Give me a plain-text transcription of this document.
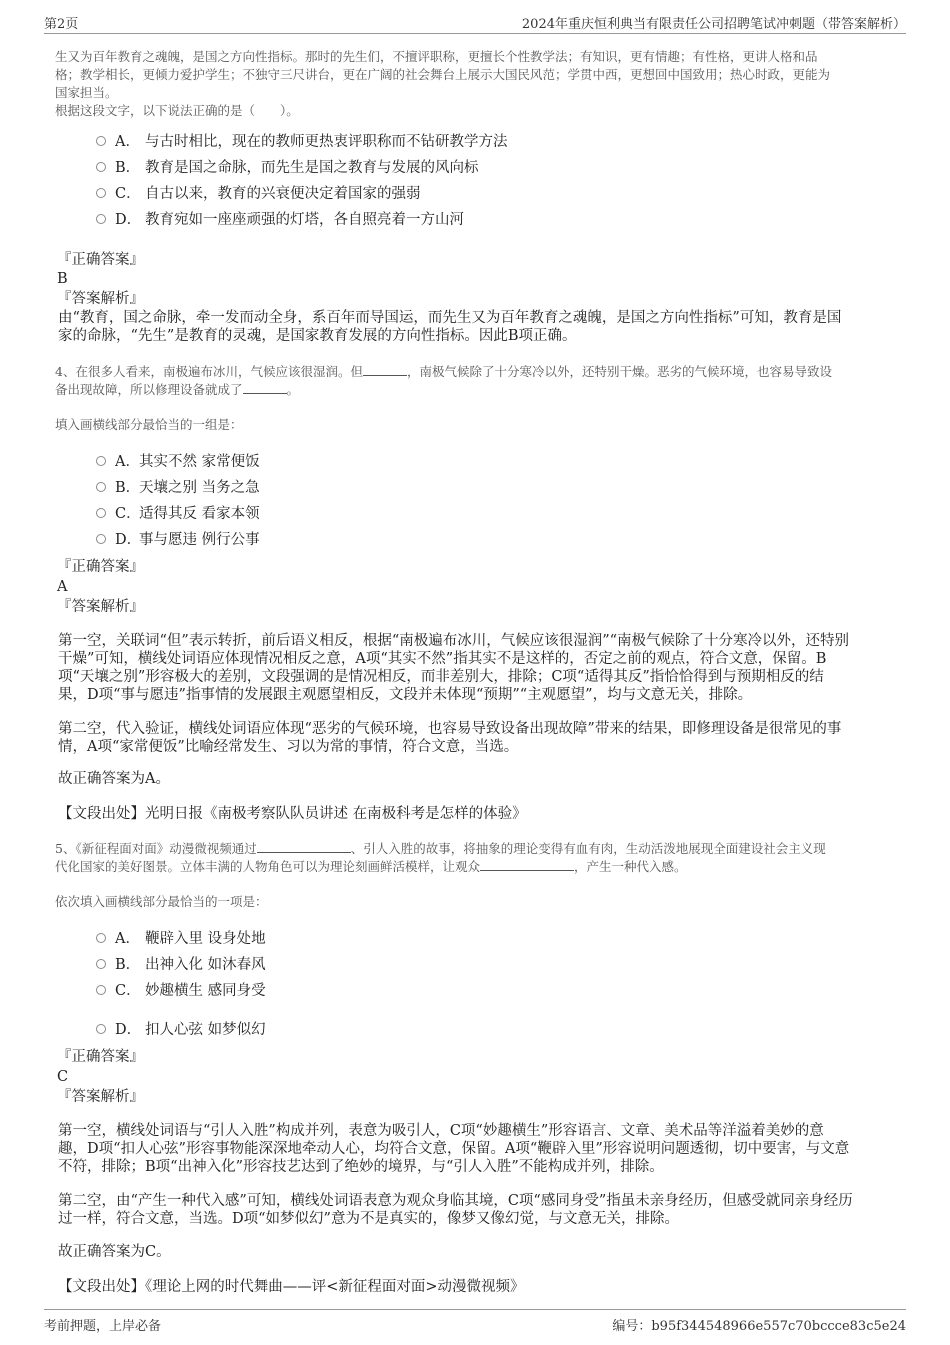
第2页	2024年重庆恒利典当有限责任公司招聘笔试冲刺题（带答案解析）
生又为百年教育之魂魄，是国之方向性指标。那时的先生们，不擅评职称，更擅长个性教学法；有知识，更有情趣；有性格，更讲人格和品
格；教学相长，更倾力爱护学生；不独守三尺讲台，更在广阔的社会舞台上展示大国民风范；学贯中西，更想回中国致用；热心时政，更能为
国家担当。
根据这段文字，以下说法正确的是（　　）。
A． 与古时相比，现在的教师更热衷评职称而不钻研教学方法
B． 教育是国之命脉，而先生是国之教育与发展的风向标
C． 自古以来，教育的兴衰便决定着国家的强弱
D． 教育宛如一座座顽强的灯塔，各自照亮着一方山河
『正确答案』
B
『答案解析』
由“教育，国之命脉，牵一发而动全身，系百年而导国运，而先生又为百年教育之魂魄，是国之方向性指标”可知，教育是国
家的命脉，“先生”是教育的灵魂，是国家教育发展的方向性指标。因此B项正确。
4、在很多人看来，南极遍布冰川，气候应该很湿润。但	，南极气候除了十分寒冷以外，还特别干燥。恶劣的气候环境，也容易导致设
备出现故障，所以修理设备就成了	。
填入画横线部分最恰当的一组是：
A．其实不然 家常便饭
B．天壤之别 当务之急
C．适得其反 看家本领
D．事与愿违 例行公事
『正确答案』
A
『答案解析』
第一空，关联词“但”表示转折，前后语义相反，根据“南极遍布冰川，气候应该很湿润”“南极气候除了十分寒冷以外，还特别
干燥”可知，横线处词语应体现情况相反之意，A项“其实不然”指其实不是这样的，否定之前的观点，符合文意，保留。B
项“天壤之别”形容极大的差别，文段强调的是情况相反，而非差别大，排除；C项“适得其反”指恰恰得到与预期相反的结
果，D项“事与愿违”指事情的发展跟主观愿望相反，文段并未体现“预期”“主观愿望”，均与文意无关，排除。
第二空，代入验证，横线处词语应体现“恶劣的气候环境，也容易导致设备出现故障”带来的结果，即修理设备是很常见的事
情，A项“家常便饭”比喻经常发生、习以为常的事情，符合文意，当选。
故正确答案为A。
【文段出处】光明日报《南极考察队队员讲述 在南极科考是怎样的体验》
5、《新征程面对面》动漫微视频通过	、引人入胜的故事，将抽象的理论变得有血有肉，生动活泼地展现全面建设社会主义现
代化国家的美好图景。立体丰满的人物角色可以为理论刻画鲜活模样，让观众	，产生一种代入感。
依次填入画横线部分最恰当的一项是：
A． 鞭辟入里 设身处地
B． 出神入化 如沐春风
C． 妙趣横生 感同身受
D． 扣人心弦 如梦似幻
『正确答案』
C
『答案解析』
第一空，横线处词语与“引人入胜”构成并列，表意为吸引人，C项“妙趣横生”形容语言、文章、美术品等洋溢着美妙的意
趣，D项“扣人心弦”形容事物能深深地牵动人心，均符合文意，保留。A项“鞭辟入里”形容说明问题透彻，切中要害，与文意
不符，排除；B项“出神入化”形容技艺达到了绝妙的境界，与“引人入胜”不能构成并列，排除。
第二空，由“产生一种代入感”可知，横线处词语表意为观众身临其境，C项“感同身受”指虽未亲身经历，但感受就同亲身经历
过一样，符合文意，当选。D项“如梦似幻”意为不是真实的，像梦又像幻觉，与文意无关，排除。
故正确答案为C。
【文段出处】《理论上网的时代舞曲——评<新征程面对面>动漫微视频》
考前押题，上岸必备	编号：b95f344548966e557c70bccce83c5e24
